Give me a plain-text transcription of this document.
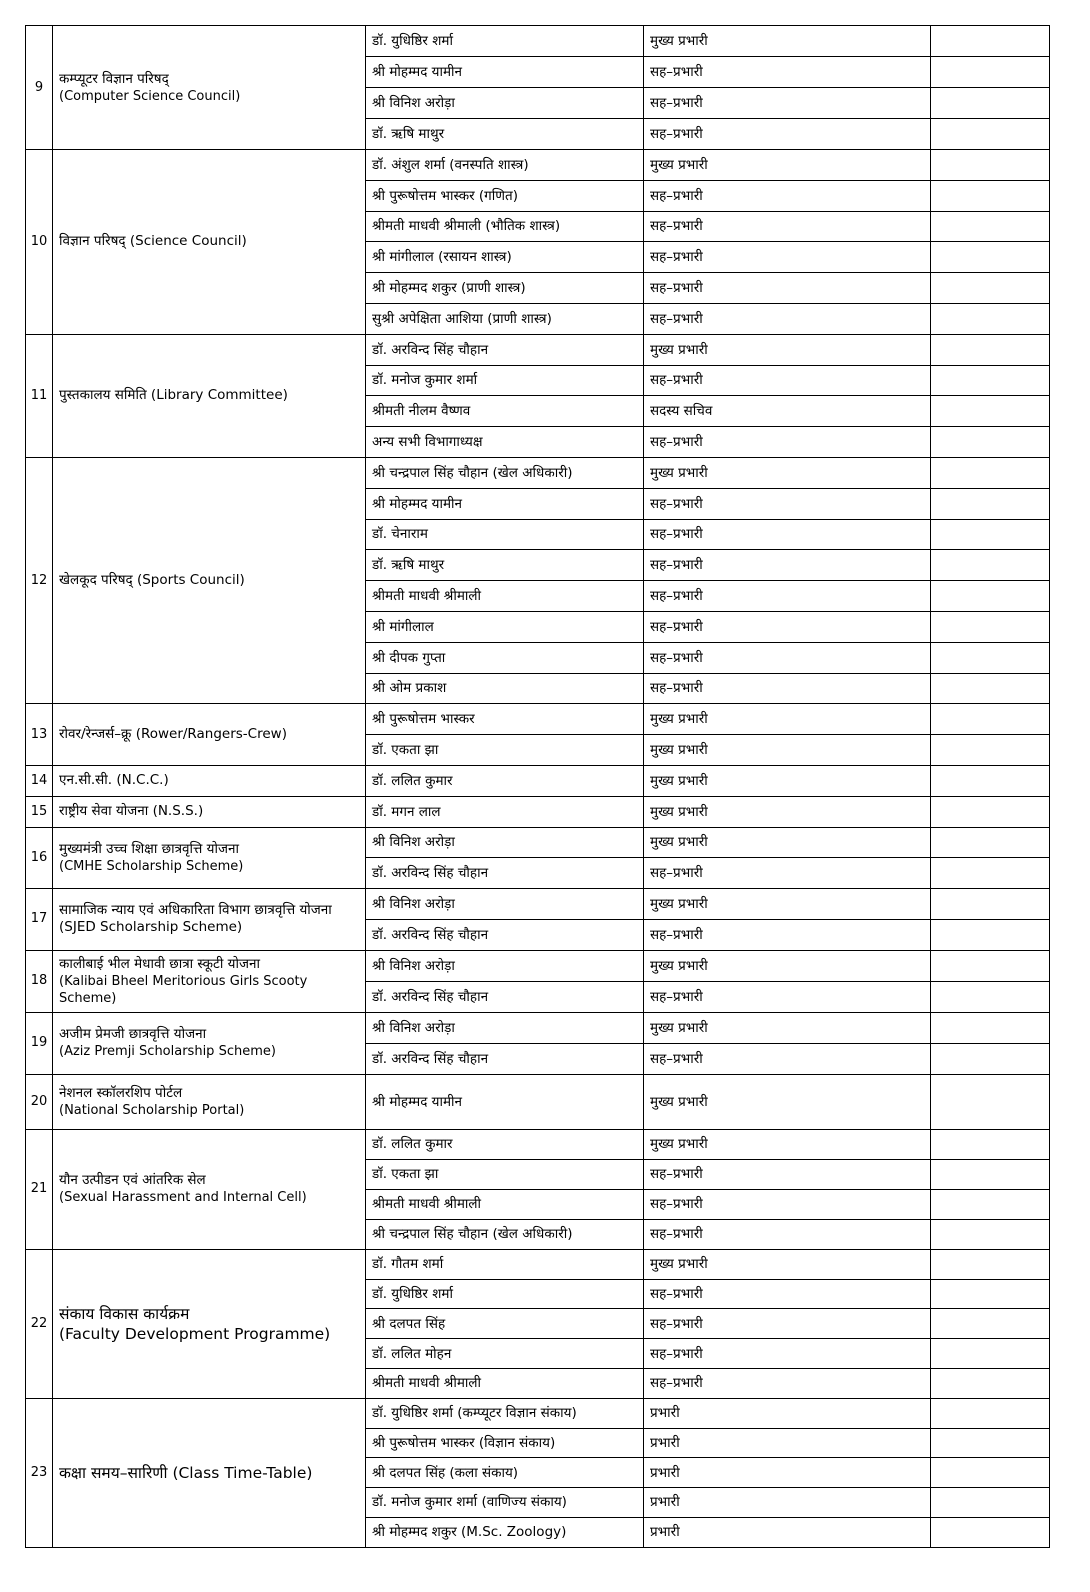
9	कम्प्यूटर विज्ञान परिषद्
(Computer Science Council)	डॉ. युधिष्ठिर शर्मा	मुख्य प्रभारी	
		श्री मोहम्मद यामीन	सह–प्रभारी	
		श्री विनिश अरोड़ा	सह–प्रभारी	
		डॉ. ऋषि माथुर	सह–प्रभारी	
10	विज्ञान परिषद् (Science Council)	डॉ. अंशुल शर्मा (वनस्पति शास्त्र)	मुख्य प्रभारी	
		श्री पुरूषोत्तम भास्कर (गणित)	सह–प्रभारी	
		श्रीमती माधवी श्रीमाली (भौतिक शास्त्र)	सह–प्रभारी	
		श्री मांगीलाल (रसायन शास्त्र)	सह–प्रभारी	
		श्री मोहम्मद शकुर (प्राणी शास्त्र)	सह–प्रभारी	
		सुश्री अपेक्षिता आशिया (प्राणी शास्त्र)	सह–प्रभारी	
11	पुस्तकालय समिति (Library Committee)	डॉ. अरविन्द सिंह चौहान	मुख्य प्रभारी	
		डॉ. मनोज कुमार शर्मा	सह–प्रभारी	
		श्रीमती नीलम वैष्णव	सदस्य सचिव	
		अन्य सभी विभागाध्यक्ष	सह–प्रभारी	
12	खेलकूद परिषद् (Sports Council)	श्री चन्द्रपाल सिंह चौहान (खेल अधिकारी)	मुख्य प्रभारी	
		श्री मोहम्मद यामीन	सह–प्रभारी	
		डॉ. चेनाराम	सह–प्रभारी	
		डॉ. ऋषि माथुर	सह–प्रभारी	
		श्रीमती माधवी श्रीमाली	सह–प्रभारी	
		श्री मांगीलाल	सह–प्रभारी	
		श्री दीपक गुप्ता	सह–प्रभारी	
		श्री ओम प्रकाश	सह–प्रभारी	
13	रोवर/रेन्जर्स–क्रू (Rower/Rangers-Crew)	श्री पुरूषोत्तम भास्कर	मुख्य प्रभारी	
		डॉ. एकता झा	मुख्य प्रभारी	
14	एन.सी.सी. (N.C.C.)	डॉ. ललित कुमार	मुख्य प्रभारी	
15	राष्ट्रीय सेवा योजना (N.S.S.)	डॉ. मगन लाल	मुख्य प्रभारी	
16	मुख्यमंत्री उच्च शिक्षा छात्रवृत्ति योजना
(CMHE Scholarship Scheme)	श्री विनिश अरोड़ा	मुख्य प्रभारी	
		डॉ. अरविन्द सिंह चौहान	सह–प्रभारी	
17	सामाजिक न्याय एवं अधिकारिता विभाग छात्रवृत्ति योजना (SJED Scholarship Scheme)	श्री विनिश अरोड़ा	मुख्य प्रभारी	
		डॉ. अरविन्द सिंह चौहान	सह–प्रभारी	
18	कालीबाई भील मेधावी छात्रा स्कूटी योजना
(Kalibai Bheel Meritorious Girls Scooty Scheme)	श्री विनिश अरोड़ा	मुख्य प्रभारी	
		डॉ. अरविन्द सिंह चौहान	सह–प्रभारी	
19	अजीम प्रेमजी छात्रवृत्ति योजना
(Aziz Premji Scholarship Scheme)	श्री विनिश अरोड़ा	मुख्य प्रभारी	
		डॉ. अरविन्द सिंह चौहान	सह–प्रभारी	
20	नेशनल स्कॉलरशिप पोर्टल
(National Scholarship Portal)	श्री मोहम्मद यामीन	मुख्य प्रभारी	
21	यौन उत्पीडन एवं आंतरिक सेल
(Sexual Harassment and Internal Cell)	डॉ. ललित कुमार	मुख्य प्रभारी	
		डॉ. एकता झा	सह–प्रभारी	
		श्रीमती माधवी श्रीमाली	सह–प्रभारी	
		श्री चन्द्रपाल सिंह चौहान (खेल अधिकारी)	सह–प्रभारी	
22	संकाय विकास कार्यक्रम
(Faculty Development Programme)	डॉ. गौतम शर्मा	मुख्य प्रभारी	
		डॉ. युधिष्ठिर शर्मा	सह–प्रभारी	
		श्री दलपत सिंह	सह–प्रभारी	
		डॉ. ललित मोहन	सह–प्रभारी	
		श्रीमती माधवी श्रीमाली	सह–प्रभारी	
23	कक्षा समय–सारिणी (Class Time-Table)	डॉ. युधिष्ठिर शर्मा (कम्प्यूटर विज्ञान संकाय)	प्रभारी	
		श्री पुरूषोत्तम भास्कर (विज्ञान संकाय)	प्रभारी	
		श्री दलपत सिंह (कला संकाय)	प्रभारी	
		डॉ. मनोज कुमार शर्मा (वाणिज्य संकाय)	प्रभारी	
		श्री मोहम्मद शकुर (M.Sc. Zoology)	प्रभारी	
